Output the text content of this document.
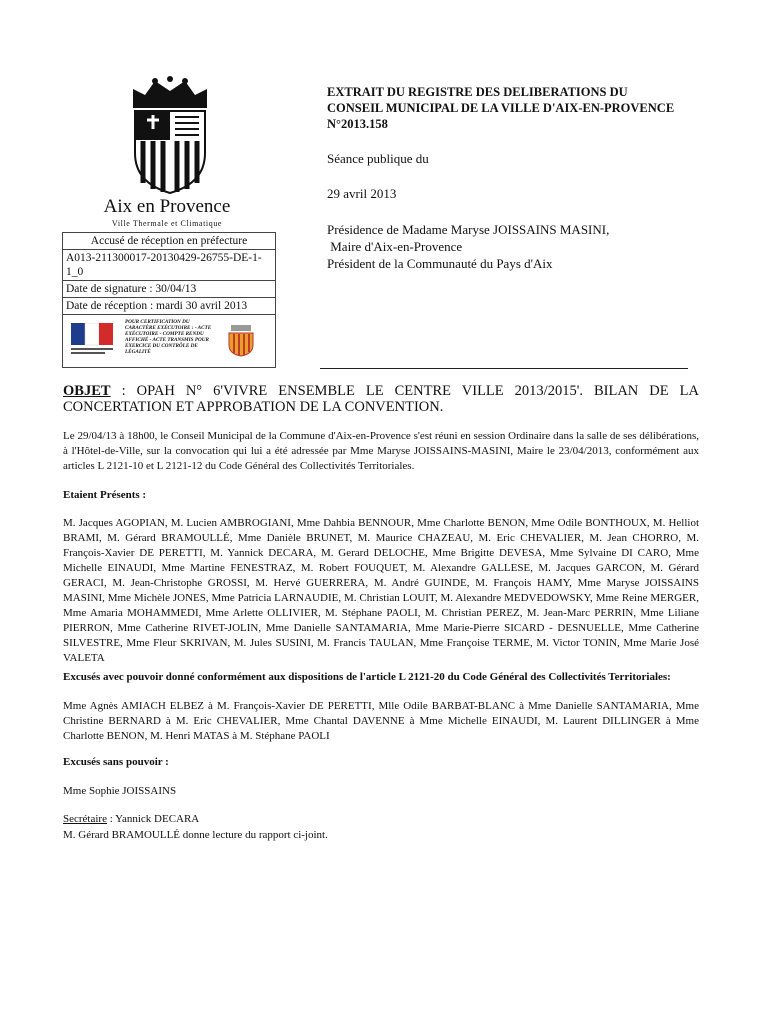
Aix en Provence
Ville Thermale et Climatique
Accusé de réception en préfecture
A013-211300017-20130429-26755-DE-1-1_0
Date de signature : 30/04/13
Date de réception : mardi 30 avril 2013
POUR CERTIFICATION DU CARACTÈRE EXÉCUTOIRE : - ACTE EXÉCUTOIRE - COMPTE RENDU AFFICHÉ - ACTE TRANSMIS POUR EXERCICE DU CONTRÔLE DE LÉGALITÉ
EXTRAIT DU REGISTRE DES DELIBERATIONS DU CONSEIL MUNICIPAL DE LA VILLE D'AIX-EN-PROVENCE N°2013.158
Séance publique du
29 avril 2013
Présidence de Madame Maryse JOISSAINS MASINI,
Maire d'Aix-en-Provence
Président de la Communauté du Pays d'Aix
OBJET : OPAH N° 6'VIVRE ENSEMBLE LE CENTRE VILLE 2013/2015'. BILAN DE LA CONCERTATION ET APPROBATION DE LA CONVENTION.
Le 29/04/13 à 18h00, le Conseil Municipal de la Commune d'Aix-en-Provence s'est réuni en session Ordinaire dans la salle de ses délibérations, à l'Hôtel-de-Ville, sur la convocation qui lui a été adressée par Mme Maryse JOISSAINS-MASINI, Maire le 23/04/2013, conformément aux articles L 2121-10 et L 2121-12 du Code Général des Collectivités Territoriales.
Etaient Présents :
M. Jacques AGOPIAN, M. Lucien AMBROGIANI, Mme Dahbia BENNOUR, Mme Charlotte BENON, Mme Odile BONTHOUX, M. Helliot BRAMI, M. Gérard BRAMOULLÉ, Mme Danièle BRUNET, M. Maurice CHAZEAU, M. Eric CHEVALIER, M. Jean CHORRO, M. François-Xavier DE PERETTI, M. Yannick DECARA, M. Gerard DELOCHE, Mme Brigitte DEVESA, Mme Sylvaine DI CARO, Mme Michelle EINAUDI, Mme Martine FENESTRAZ, M. Robert FOUQUET, M. Alexandre GALLESE, M. Jacques GARCON, M. Gérard GERACI, M. Jean-Christophe GROSSI, M. Hervé GUERRERA, M. André GUINDE, M. François HAMY, Mme Maryse JOISSAINS MASINI, Mme Michèle JONES, Mme Patricia LARNAUDIE, M. Christian LOUIT, M. Alexandre MEDVEDOWSKY, Mme Reine MERGER, Mme Amaria MOHAMMEDI, Mme Arlette OLLIVIER, M. Stéphane PAOLI, M. Christian PEREZ, M. Jean-Marc PERRIN, Mme Liliane PIERRON, Mme Catherine RIVET-JOLIN, Mme Danielle SANTAMARIA, Mme Marie-Pierre SICARD - DESNUELLE, Mme Catherine SILVESTRE, Mme Fleur SKRIVAN, M. Jules SUSINI, M. Francis TAULAN, Mme Françoise TERME, M. Victor TONIN, Mme Marie José VALETA
Excusés avec pouvoir donné conformément aux dispositions de l'article L 2121-20 du Code Général des Collectivités Territoriales:
Mme Agnès AMIACH ELBEZ à M. François-Xavier DE PERETTI, Mlle Odile BARBAT-BLANC à Mme Danielle SANTAMARIA, Mme Christine BERNARD à M. Eric CHEVALIER, Mme Chantal DAVENNE à Mme Michelle EINAUDI, M. Laurent DILLINGER à Mme Charlotte BENON, M. Henri MATAS à M. Stéphane PAOLI
Excusés sans pouvoir :
Mme Sophie JOISSAINS
Secrétaire : Yannick DECARA
M. Gérard BRAMOULLÉ donne lecture du rapport ci-joint.
